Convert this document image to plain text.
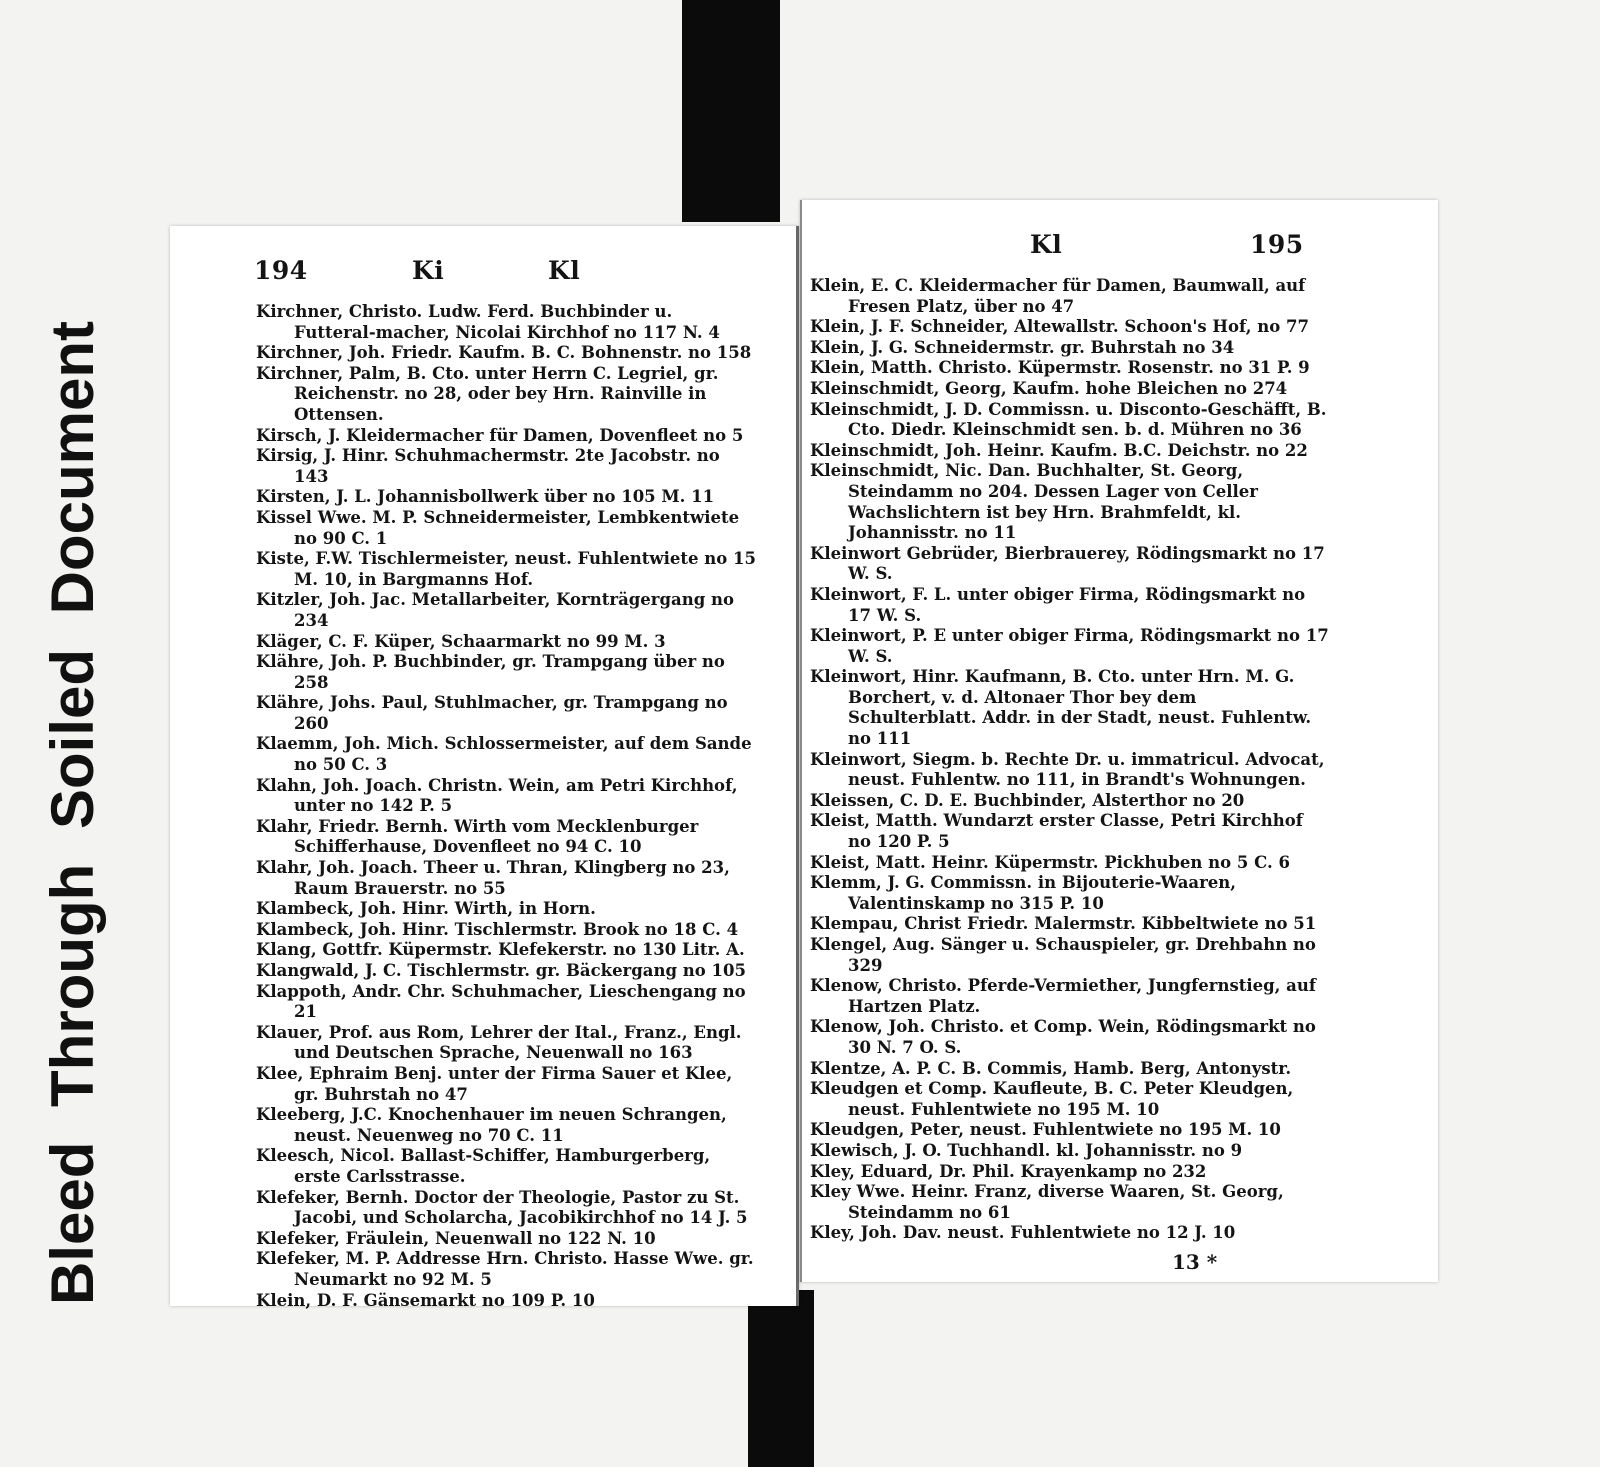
Bleed Through Soiled Document
194	Ki	Kl

Kirchner, Christo. Ludw. Ferd. Buchbinder u. Futteral-macher, Nicolai Kirchhof no 117 N. 4

Kirchner, Joh. Friedr. Kaufm. B. C. Bohnenstr. no 158

Kirchner, Palm, B. Cto. unter Herrn C. Legriel, gr. Reichenstr. no 28, oder bey Hrn. Rainville in Ottensen.

Kirsch, J. Kleidermacher für Damen, Dovenfleet no 5

Kirsig, J. Hinr. Schuhmachermstr. 2te Jacobstr. no 143

Kirsten, J. L. Johannisbollwerk über no 105 M. 11

Kissel Wwe. M. P. Schneidermeister, Lembkentwiete no 90 C. 1

Kiste, F.W. Tischlermeister, neust. Fuhlentwiete no 15 M. 10, in Bargmanns Hof.

Kitzler, Joh. Jac. Metallarbeiter, Kornträgergang no 234

Kläger, C. F. Küper, Schaarmarkt no 99 M. 3

Klähre, Joh. P. Buchbinder, gr. Trampgang über no 258

Klähre, Johs. Paul, Stuhlmacher, gr. Trampgang no 260

Klaemm, Joh. Mich. Schlossermeister, auf dem Sande no 50 C. 3

Klahn, Joh. Joach. Christn. Wein, am Petri Kirchhof, unter no 142 P. 5

Klahr, Friedr. Bernh. Wirth vom Mecklenburger Schifferhause, Dovenfleet no 94 C. 10

Klahr, Joh. Joach. Theer u. Thran, Klingberg no 23, Raum Brauerstr. no 55

Klambeck, Joh. Hinr. Wirth, in Horn.

Klambeck, Joh. Hinr. Tischlermstr. Brook no 18 C. 4

Klang, Gottfr. Küpermstr. Klefekerstr. no 130 Litr. A.

Klangwald, J. C. Tischlermstr. gr. Bäckergang no 105

Klappoth, Andr. Chr. Schuhmacher, Lieschengang no 21

Klauer, Prof. aus Rom, Lehrer der Ital., Franz., Engl. und Deutschen Sprache, Neuenwall no 163

Klee, Ephraim Benj. unter der Firma Sauer et Klee, gr. Buhrstah no 47

Kleeberg, J.C. Knochenhauer im neuen Schrangen, neust. Neuenweg no 70 C. 11

Kleesch, Nicol. Ballast-Schiffer, Hamburgerberg, erste Carlsstrasse.

Klefeker, Bernh. Doctor der Theologie, Pastor zu St. Jacobi, und Scholarcha, Jacobikirchhof no 14 J. 5

Klefeker, Fräulein, Neuenwall no 122 N. 10

Klefeker, M. P. Addresse Hrn. Christo. Hasse Wwe. gr. Neumarkt no 92 M. 5

Klein, D. F. Gänsemarkt no 109 P. 10

Kl	195

Klein, E. C. Kleidermacher für Damen, Baumwall, auf Fresen Platz, über no 47

Klein, J. F. Schneider, Altewallstr. Schoon's Hof, no 77

Klein, J. G. Schneidermstr. gr. Buhrstah no 34

Klein, Matth. Christo. Küpermstr. Rosenstr. no 31 P. 9

Kleinschmidt, Georg, Kaufm. hohe Bleichen no 274

Kleinschmidt, J. D. Commissn. u. Disconto-Geschäfft, B. Cto. Diedr. Kleinschmidt sen. b. d. Mühren no 36

Kleinschmidt, Joh. Heinr. Kaufm. B.C. Deichstr. no 22

Kleinschmidt, Nic. Dan. Buchhalter, St. Georg, Steindamm no 204. Dessen Lager von Celler Wachslichtern ist bey Hrn. Brahmfeldt, kl. Johannisstr. no 11

Kleinwort Gebrüder, Bierbrauerey, Rödingsmarkt no 17 W. S.

Kleinwort, F. L. unter obiger Firma, Rödingsmarkt no 17 W. S.

Kleinwort, P. E unter obiger Firma, Rödingsmarkt no 17 W. S.

Kleinwort, Hinr. Kaufmann, B. Cto. unter Hrn. M. G. Borchert, v. d. Altonaer Thor bey dem Schulterblatt. Addr. in der Stadt, neust. Fuhlentw. no 111

Kleinwort, Siegm. b. Rechte Dr. u. immatricul. Advocat, neust. Fuhlentw. no 111, in Brandt's Wohnungen.

Kleissen, C. D. E. Buchbinder, Alsterthor no 20

Kleist, Matth. Wundarzt erster Classe, Petri Kirchhof no 120 P. 5

Kleist, Matt. Heinr. Küpermstr. Pickhuben no 5 C. 6

Klemm, J. G. Commissn. in Bijouterie-Waaren, Valentinskamp no 315 P. 10

Klempau, Christ Friedr. Malermstr. Kibbeltwiete no 51

Klengel, Aug. Sänger u. Schauspieler, gr. Drehbahn no 329

Klenow, Christo. Pferde-Vermiether, Jungfernstieg, auf Hartzen Platz.

Klenow, Joh. Christo. et Comp. Wein, Rödingsmarkt no 30 N. 7 O. S.

Klentze, A. P. C. B. Commis, Hamb. Berg, Antonystr.

Kleudgen et Comp. Kaufleute, B. C. Peter Kleudgen, neust. Fuhlentwiete no 195 M. 10

Kleudgen, Peter, neust. Fuhlentwiete no 195 M. 10

Klewisch, J. O. Tuchhandl. kl. Johannisstr. no 9

Kley, Eduard, Dr. Phil. Krayenkamp no 232

Kley Wwe. Heinr. Franz, diverse Waaren, St. Georg, Steindamm no 61

Kley, Joh. Dav. neust. Fuhlentwiete no 12 J. 10

13 *
